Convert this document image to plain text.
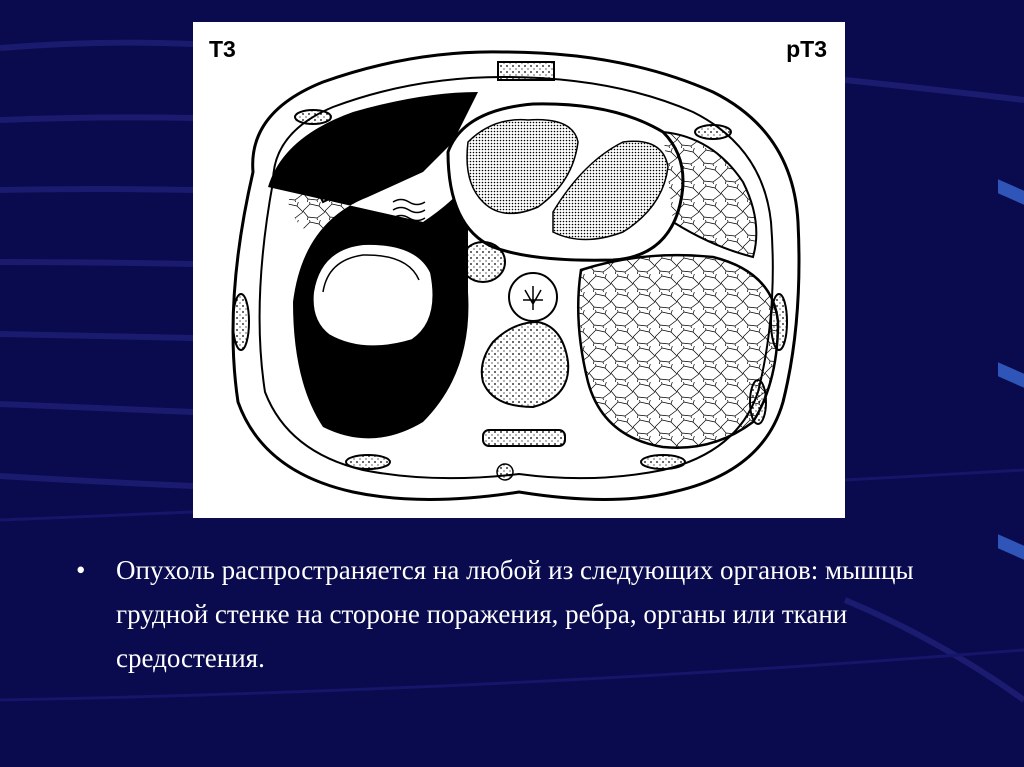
Т3	рТ3
• Опухоль распространяется на любой из следующих органов: мышцы грудной стенке на стороне поражения, ребра, органы или ткани средостения.
